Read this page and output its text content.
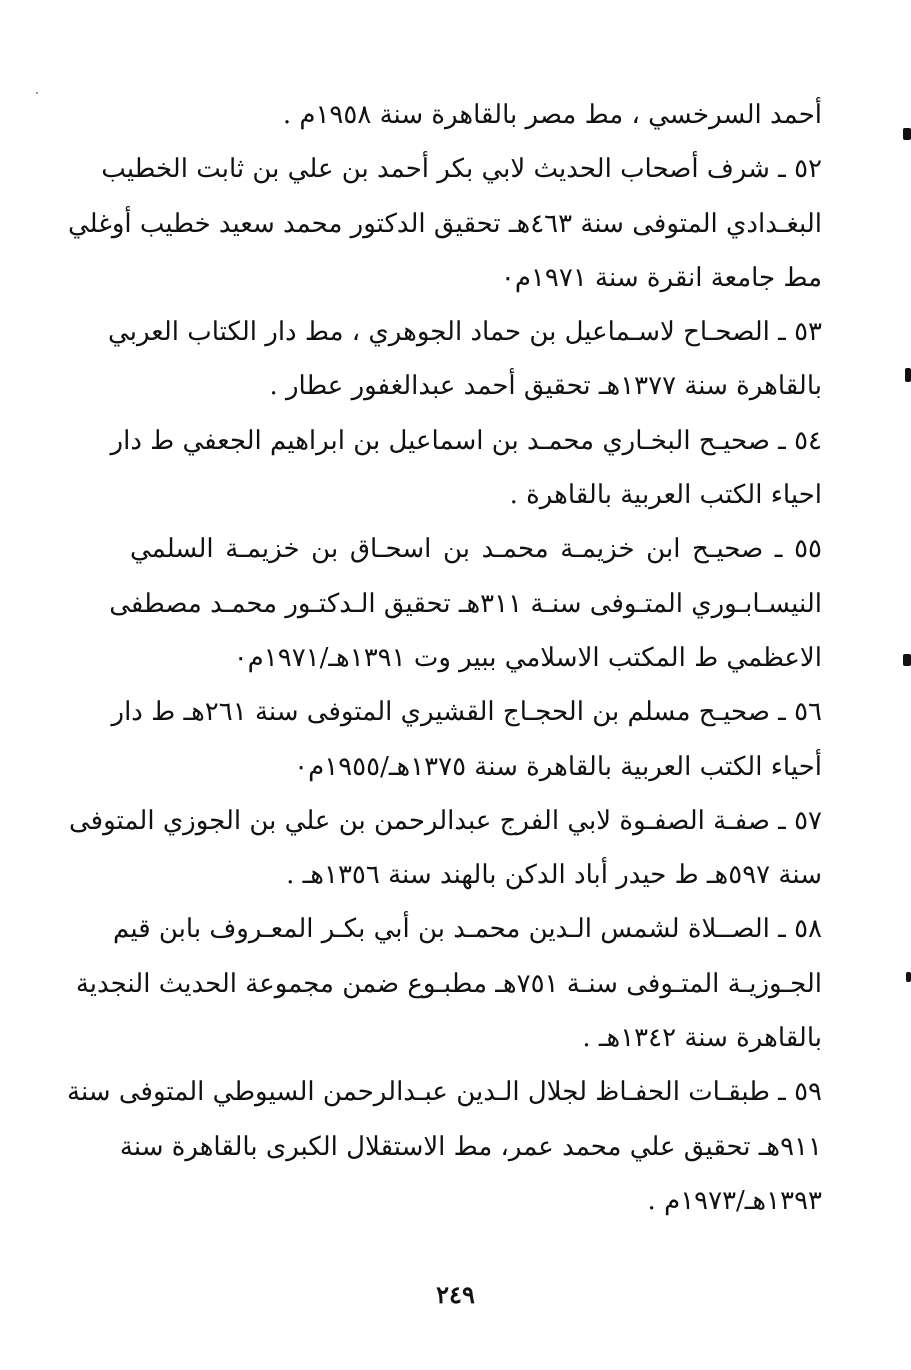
أحمد السرخسي ، مط مصر بالقاهرة سنة ١٩٥٨م .
٥٢ ـ شرف أصحاب الحديث لابي بكر أحمد بن علي بن ثابت الخطيب
البغـدادي المتوفى سنة ٤٦٣هـ تحقيق الدكتور محمد سعيد خطيب أوغلي
مط جامعة انقرة سنة ١٩٧١م٠
٥٣ ـ الصحـاح لاسـماعيل بن حماد الجوهري ، مط دار الكتاب العربي
بالقاهرة سنة ١٣٧٧هـ تحقيق أحمد عبدالغفور عطار .
٥٤ ـ صحيـح البخـاري محمـد بن اسماعيل بن ابراهيم الجعفي ط دار
احياء الكتب العربية بالقاهرة .
٥٥ ـ صحيـح ابن خزيمـة محمـد بن اسحـاق بن خزيمـة السلمي
النيسـابـوري المتـوفى سنـة ٣١١هـ تحقيق الـدكتـور محمـد مصطفى
الاعظمي ط المكتب الاسلامي ببير وت ١٣٩١هـ/١٩٧١م٠
٥٦ ـ صحيـح مسلم بن الحجـاج القشيري المتوفى سنة ٢٦١هـ ط دار
أحياء الكتب العربية بالقاهرة سنة ١٣٧٥هـ/١٩٥٥م٠
٥٧ ـ صفـة الصفـوة لابي الفرج عبدالرحمن بن علي بن الجوزي المتوفى
سنة ٥٩٧هـ ط حيدر أباد الدكن بالهند سنة ١٣٥٦هـ .
٥٨ ـ الصــلاة لشمس الـدين محمـد بن أبي بكـر المعـروف بابن قيم
الجـوزيـة المتـوفى سنـة ٧٥١هـ مطبـوع ضمن مجموعة الحديث النجدية
بالقاهرة سنة ١٣٤٢هـ .
٥٩ ـ طبقـات الحفـاظ لجلال الـدين عبـدالرحمن السيوطي المتوفى سنة
٩١١هـ تحقيق علي محمد عمر، مط الاستقلال الكبرى بالقاهرة سنة
١٣٩٣هـ/١٩٧٣م .
٢٤٩
